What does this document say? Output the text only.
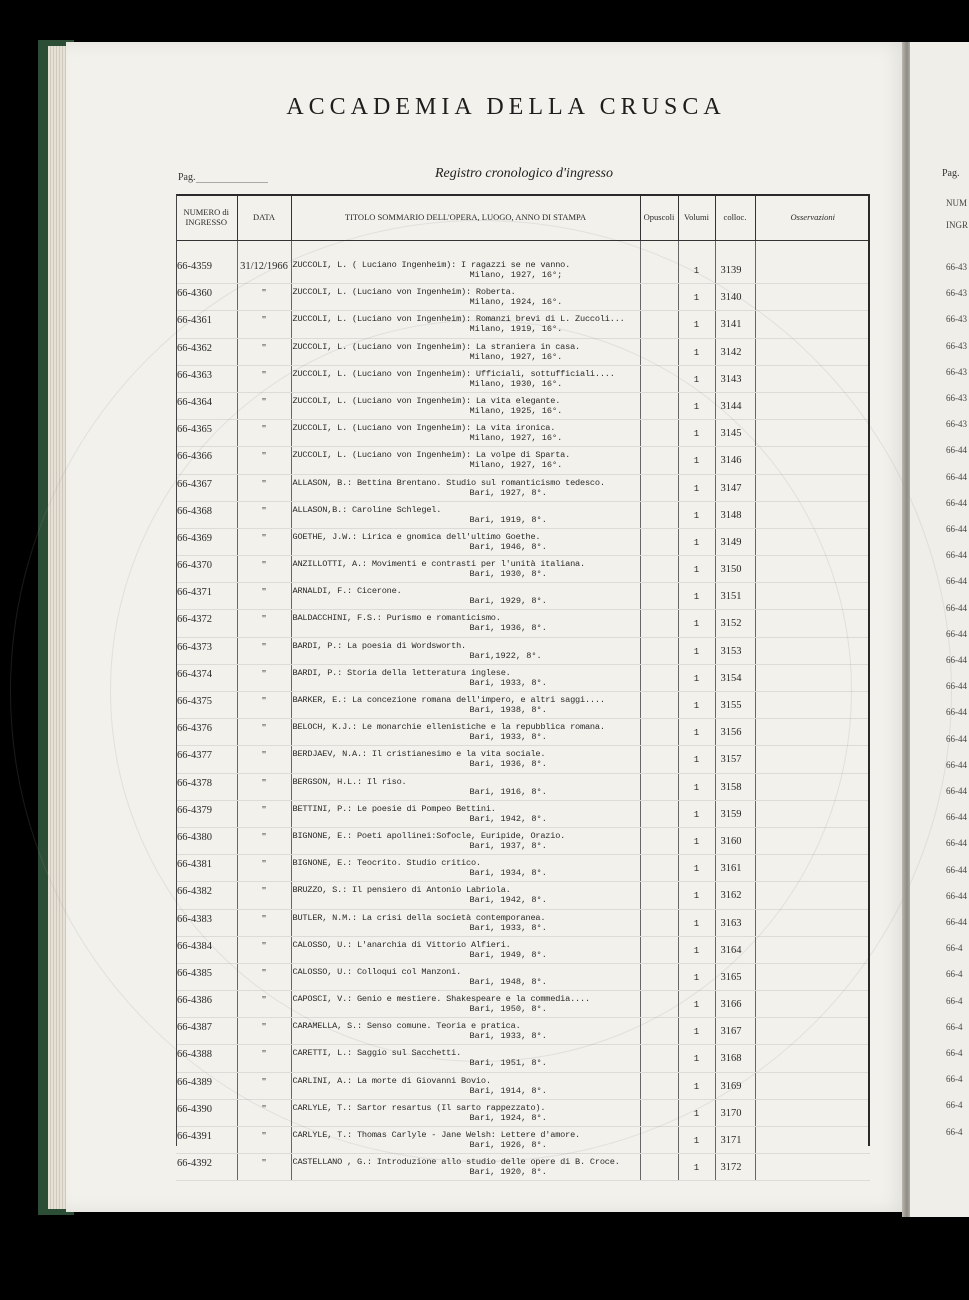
ACCADEMIA DELLA CRUSCA
Pag.	Registro cronologico d'ingresso	Pag.
NUMERO di INGRESSO	DATA	TITOLO SOMMARIO DELL'OPERA, LUOGO, ANNO DI STAMPA	Opuscoli	Volumi	colloc.	Osservazioni

66-4359	31/12/1966	ZUCCOLI, L. ( Luciano Ingenheim): I ragazzi se ne vanno.
Milano, 1927, 16°;		1	3139	

66-4360	"	ZUCCOLI, L. (Luciano von Ingenheim): Roberta.
Milano, 1924, 16°.		1	3140	

66-4361	"	ZUCCOLI, L. (Luciano von Ingenheim): Romanzi brevi di L. Zuccoli...
Milano, 1919, 16°.		1	3141	

66-4362	"	ZUCCOLI, L. (Luciano von Ingenheim): La straniera in casa.
Milano, 1927, 16°.		1	3142	

66-4363	"	ZUCCOLI, L. (Luciano von Ingenheim): Ufficiali, sottufficiali....
Milano, 1930, 16°.		1	3143	

66-4364	"	ZUCCOLI, L. (Luciano von Ingenheim): La vita elegante.
Milano, 1925, 16°.		1	3144	

66-4365	"	ZUCCOLI, L. (Luciano von Ingenheim): La vita ironica.
Milano, 1927, 16°.		1	3145	

66-4366	"	ZUCCOLI, L. (Luciano von Ingenheim): La volpe di Sparta.
Milano, 1927, 16°.		1	3146	

66-4367	"	ALLASON, B.: Bettina Brentano. Studio sul romanticismo tedesco.
Bari, 1927, 8°.		1	3147	

66-4368	"	ALLASON,B.: Caroline Schlegel.
Bari, 1919, 8°.		1	3148	

66-4369	"	GOETHE, J.W.: Lirica e gnomica dell'ultimo Goethe.
Bari, 1946, 8°.		1	3149	

66-4370	"	ANZILLOTTI, A.: Movimenti e contrasti per l'unità italiana.
Bari, 1930, 8°.		1	3150	

66-4371	"	ARNALDI, F.: Cicerone.
Bari, 1929, 8°.		1	3151	

66-4372	"	BALDACCHINI, F.S.: Purismo e romanticismo.
Bari, 1936, 8°.		1	3152	

66-4373	"	BARDI, P.: La poesia di Wordsworth.
Bari,1922, 8°.		1	3153	

66-4374	"	BARDI, P.: Storia della letteratura inglese.
Bari, 1933, 8°.		1	3154	

66-4375	"	BARKER, E.: La concezione romana dell'impero, e altri saggi....
Bari, 1938, 8°.		1	3155	

66-4376	"	BELOCH, K.J.: Le monarchie ellenistiche e la repubblica romana.
Bari, 1933, 8°.		1	3156	

66-4377	"	BERDJAEV, N.A.: Il cristianesimo e la vita sociale.
Bari, 1936, 8°.		1	3157	

66-4378	"	BERGSON, H.L.: Il riso.
Bari, 1916, 8°.		1	3158	

66-4379	"	BETTINI, P.: Le poesie di Pompeo Bettini.
Bari, 1942, 8°.		1	3159	

66-4380	"	BIGNONE, E.: Poeti apollinei:Sofocle, Euripide, Orazio.
Bari, 1937, 8°.		1	3160	

66-4381	"	BIGNONE, E.: Teocrito. Studio critico.
Bari, 1934, 8°.		1	3161	

66-4382	"	BRUZZO, S.: Il pensiero di Antonio Labriola.
Bari, 1942, 8°.		1	3162	

66-4383	"	BUTLER, N.M.: La crisi della società contemporanea.
Bari, 1933, 8°.		1	3163	

66-4384	"	CALOSSO, U.: L'anarchia di Vittorio Alfieri.
Bari, 1949, 8°.		1	3164	

66-4385	"	CALOSSO, U.: Colloqui col Manzoni.
Bari, 1948, 8°.		1	3165	

66-4386	"	CAPOSCI, V.: Genio e mestiere. Shakespeare e la commedia....
Bari, 1950, 8°.		1	3166	

66-4387	"	CARAMELLA, S.: Senso comune. Teoria e pratica.
Bari, 1933, 8°.		1	3167	

66-4388	"	CARETTI, L.: Saggio sul Sacchetti.
Bari, 1951, 8°.		1	3168	

66-4389	"	CARLINI, A.: La morte di Giovanni Bovio.
Bari, 1914, 8°.		1	3169	

66-4390	"	CARLYLE, T.: Sartor resartus (Il sarto rappezzato).
Bari, 1924, 8°.		1	3170	

66-4391	"	CARLYLE, T.: Thomas Carlyle - Jane Welsh: Lettere d'amore.
Bari, 1926, 8°.		1	3171	

66-4392	"	CASTELLANO , G.: Introduzione allo studio delle opere di B. Croce.
Bari, 1920, 8°.		1	3172	

NUM
INGR
66-43
66-43
66-43
66-43
66-43
66-43
66-43
66-44
66-44
66-44
66-44
66-44
66-44
66-44
66-44
66-44
66-44
66-44
66-44
66-44
66-44
66-44
66-44
66-44
66-44
66-44
66-4
66-4
66-4
66-4
66-4
66-4
66-4
66-4
